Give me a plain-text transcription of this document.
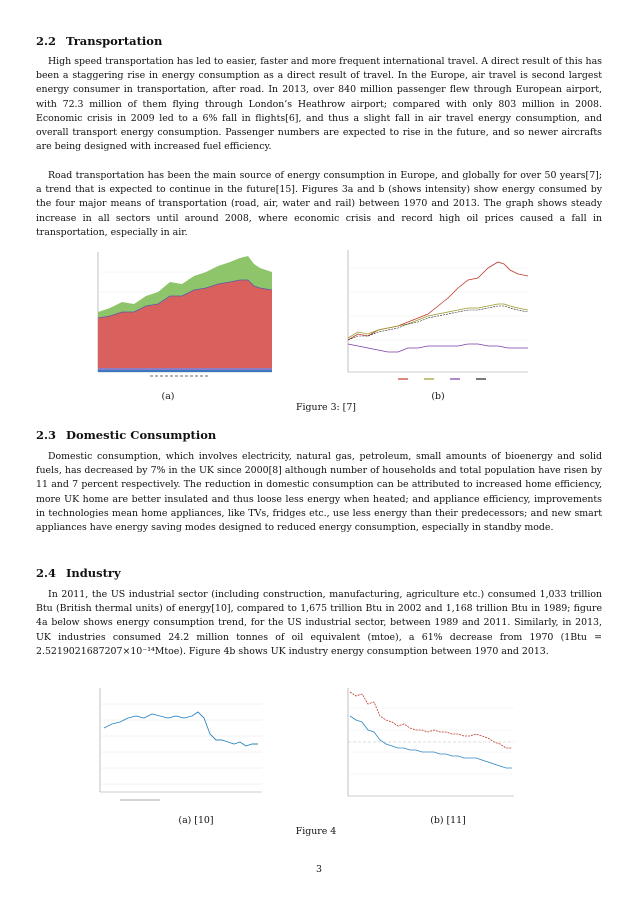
2.2 Transportation

High speed transportation has led to easier, faster and more frequent international travel. A direct result of this has been a staggering rise in energy consumption as a direct result of travel. In the Europe, air travel is second largest energy consumer in transportation, after road. In 2013, over 840 million passenger flew through European airport, with 72.3 million of them flying through London’s Heathrow airport; compared with only 803 million in 2008. Economic crisis in 2009 led to a 6% fall in flights[6], and thus a slight fall in air travel energy consumption, and overall transport energy consumption. Passenger numbers are expected to rise in the future, and so newer aircrafts are being designed with increased fuel efficiency.

Road transportation has been the main source of energy consumption in Europe, and globally for over 50 years[7]; a trend that is expected to continue in the future[15]. Figures 3a and b (shows intensity) show energy consumed by the four major means of transportation (road, air, water and rail) between 1970 and 2013. The graph shows steady increase in all sectors until around 2008, where economic crisis and record high oil prices caused a fall in transportation, especially in air.

(a)	(b)
Figure 3: [7]
2.3 Domestic Consumption

Domestic consumption, which involves electricity, natural gas, petroleum, small amounts of bioenergy and solid fuels, has decreased by 7% in the UK since 2000[8] although number of households and total population have risen by 11 and 7 percent respectively. The reduction in domestic consumption can be attributed to increased home efficiency, more UK home are better insulated and thus loose less energy when heated; and appliance efficiency, improvements in technologies mean home appliances, like TVs, fridges etc., use less energy than their predecessors; and new smart appliances have energy saving modes designed to reduced energy consumption, especially in standby mode.

2.4 Industry

In 2011, the US industrial sector (including construction, manufacturing, agriculture etc.) consumed 1,033 trillion Btu (British thermal units) of energy[10], compared to 1,675 trillion Btu in 2002 and 1,168 trillion Btu in 1989; figure 4a below shows energy consumption trend, for the US industrial sector, between 1989 and 2011. Similarly, in 2013, UK industries consumed 24.2 million tonnes of oil equivalent (mtoe), a 61% decrease from 1970 (1Btu = 2.5219021687207×10⁻¹⁴Mtoe). Figure 4b shows UK industry energy consumption between 1970 and 2013.

(a) [10]	(b) [11]
Figure 4
3
